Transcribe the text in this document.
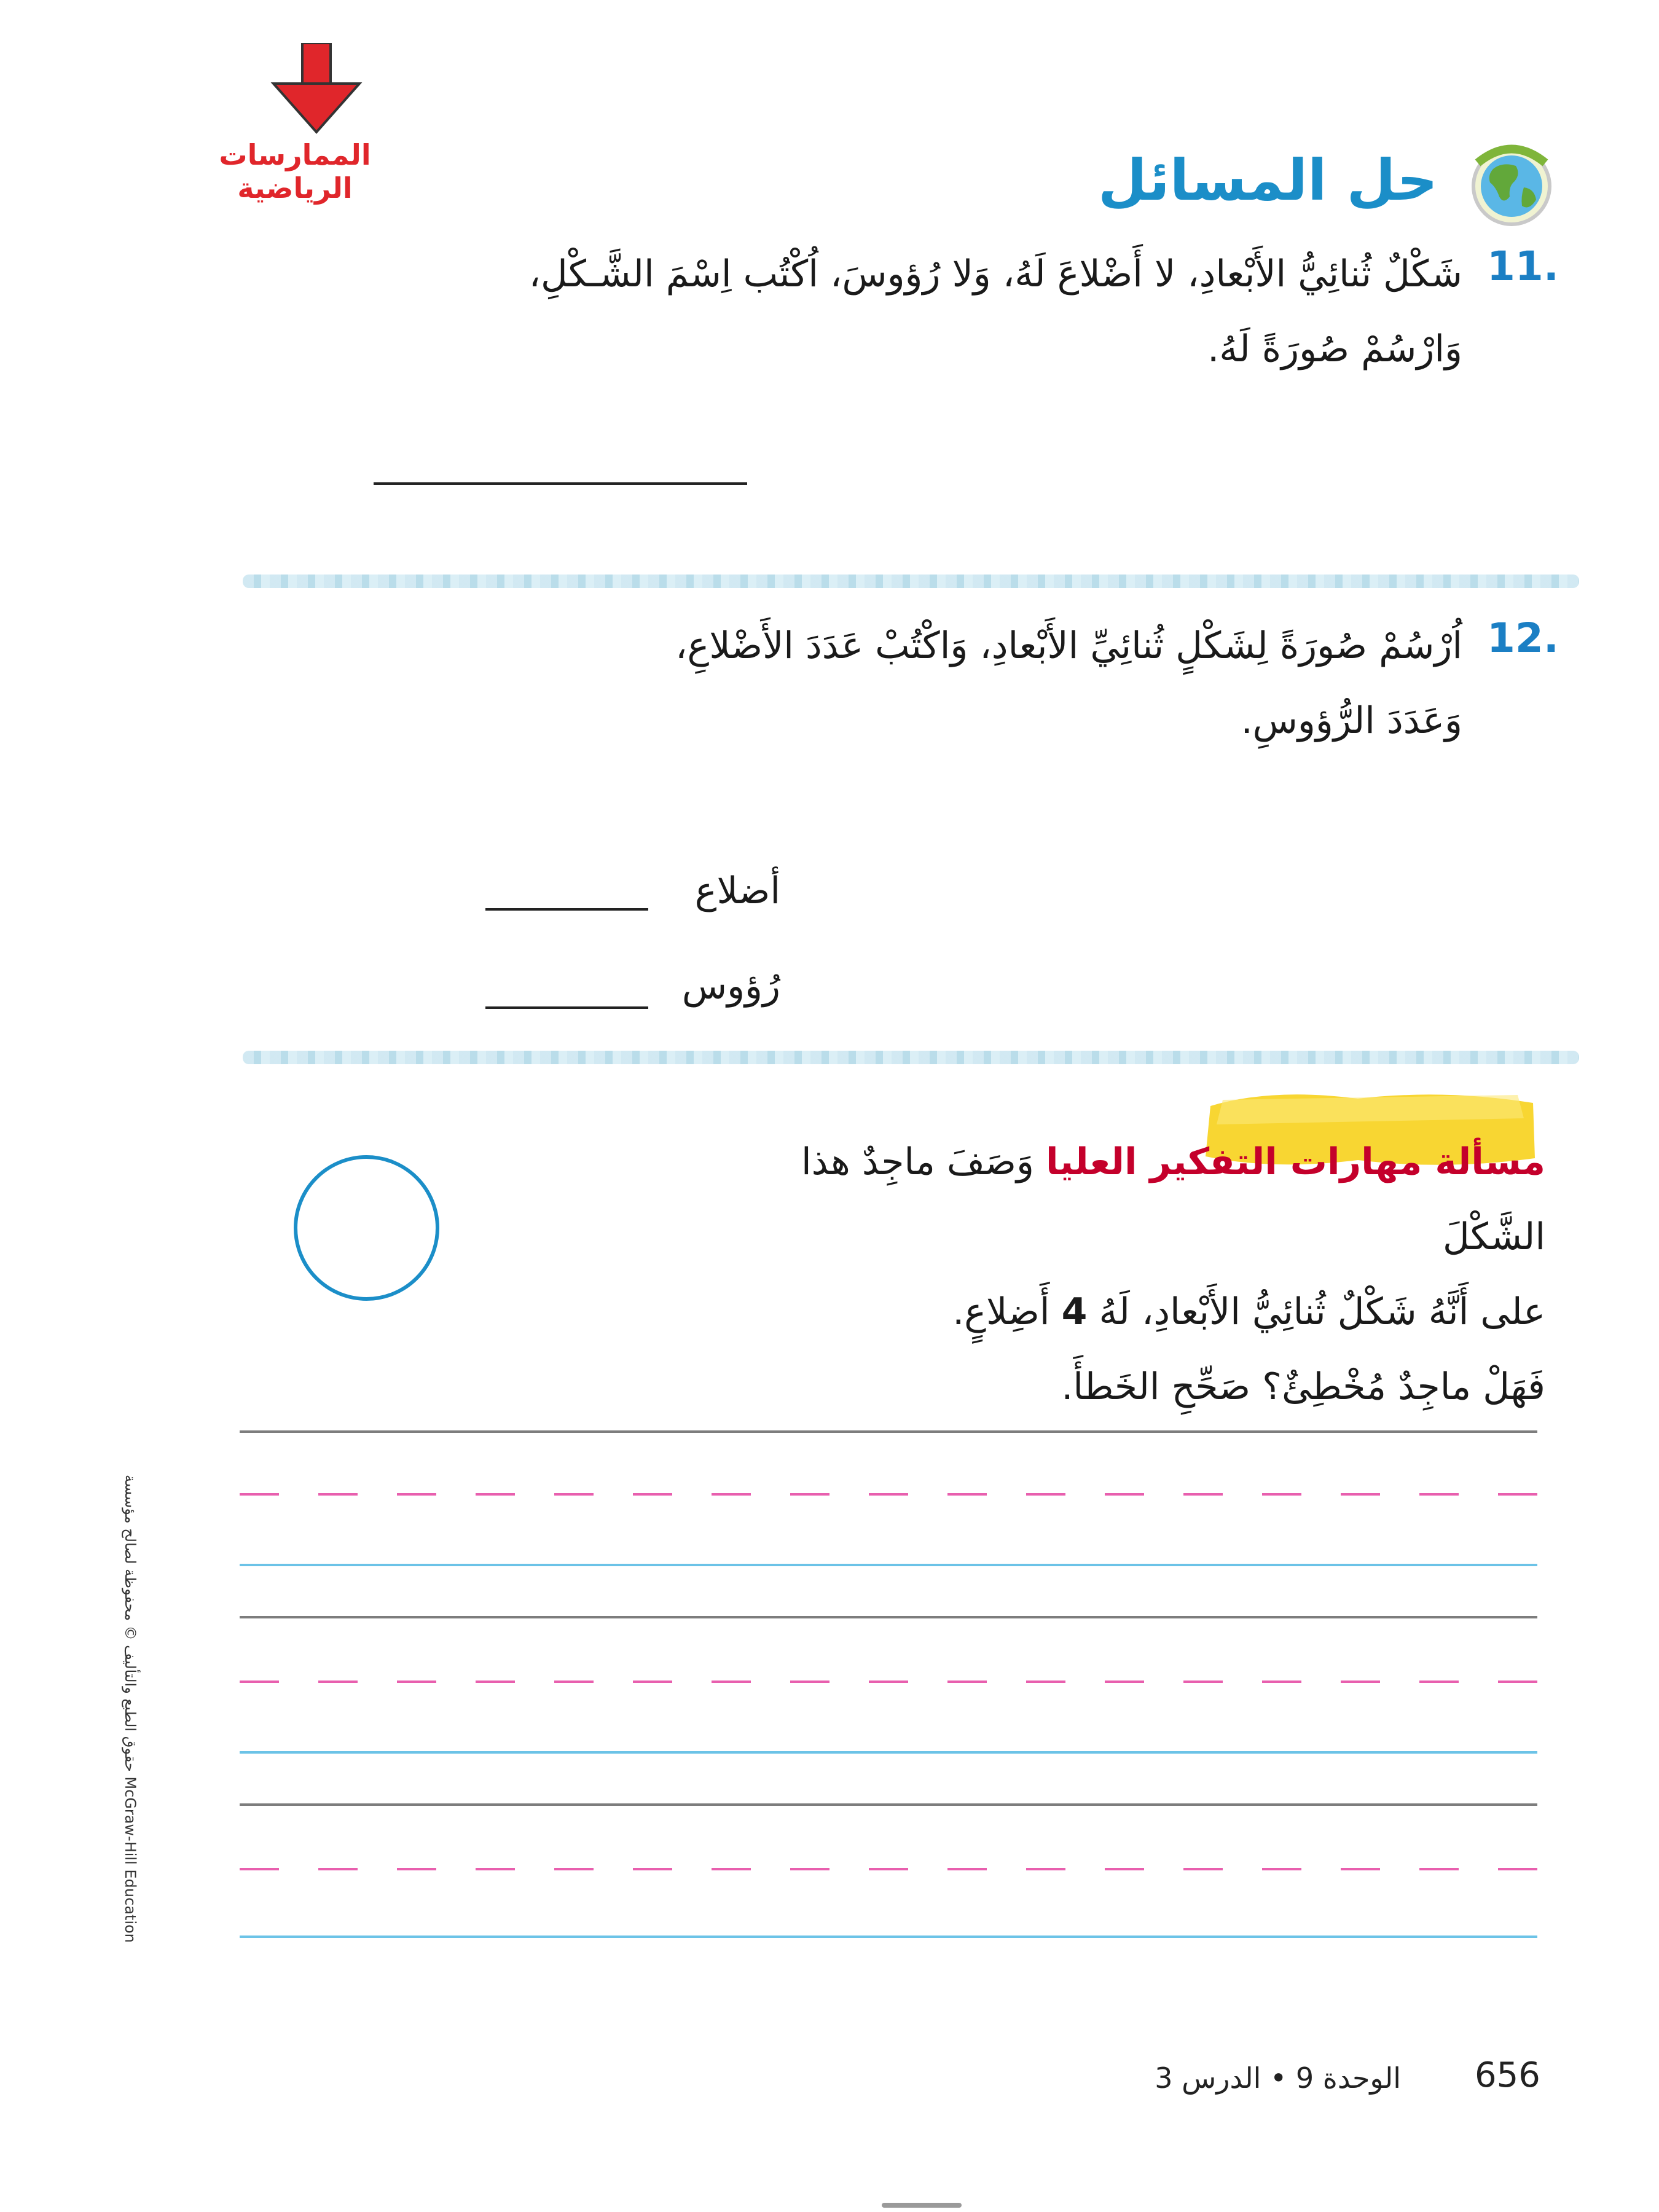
الممارسات الرياضية	حل المسائل
11.
شَكْلٌ ثُنائِيُّ الأَبْعادِ، لا أَضْلاعَ لَهُ، وَلا رُؤوسَ، اُكْتُب اِسْمَ الشَّـكْلِ، وَارْسُمْ صُورَةً لَهُ.
12.
اُرْسُمْ صُورَةً لِشَكْلٍ ثُنائِيِّ الأَبْعادِ، وَاكْتُبْ عَدَدَ الأَضْلاعِ، وَعَدَدَ الرُّؤوسِ.
أضلاع
رُؤوس
مسألة مهارات التفكير العليا وَصَفَ ماجِدٌ هذا الشَّكْلَ
على أَنَّهُ شَكْلٌ ثُنائِيُّ الأَبْعادِ، لَهُ 4 أَضِلاعٍ.
فَهَلْ ماجِدٌ مُخْطِئٌ؟ صَحِّحِ الخَطأَ.
حقوق الطبع والتأليف © محفوظة لصالح مؤسسة McGraw-Hill Education
الوحدة 9 • الدرس 3	656
